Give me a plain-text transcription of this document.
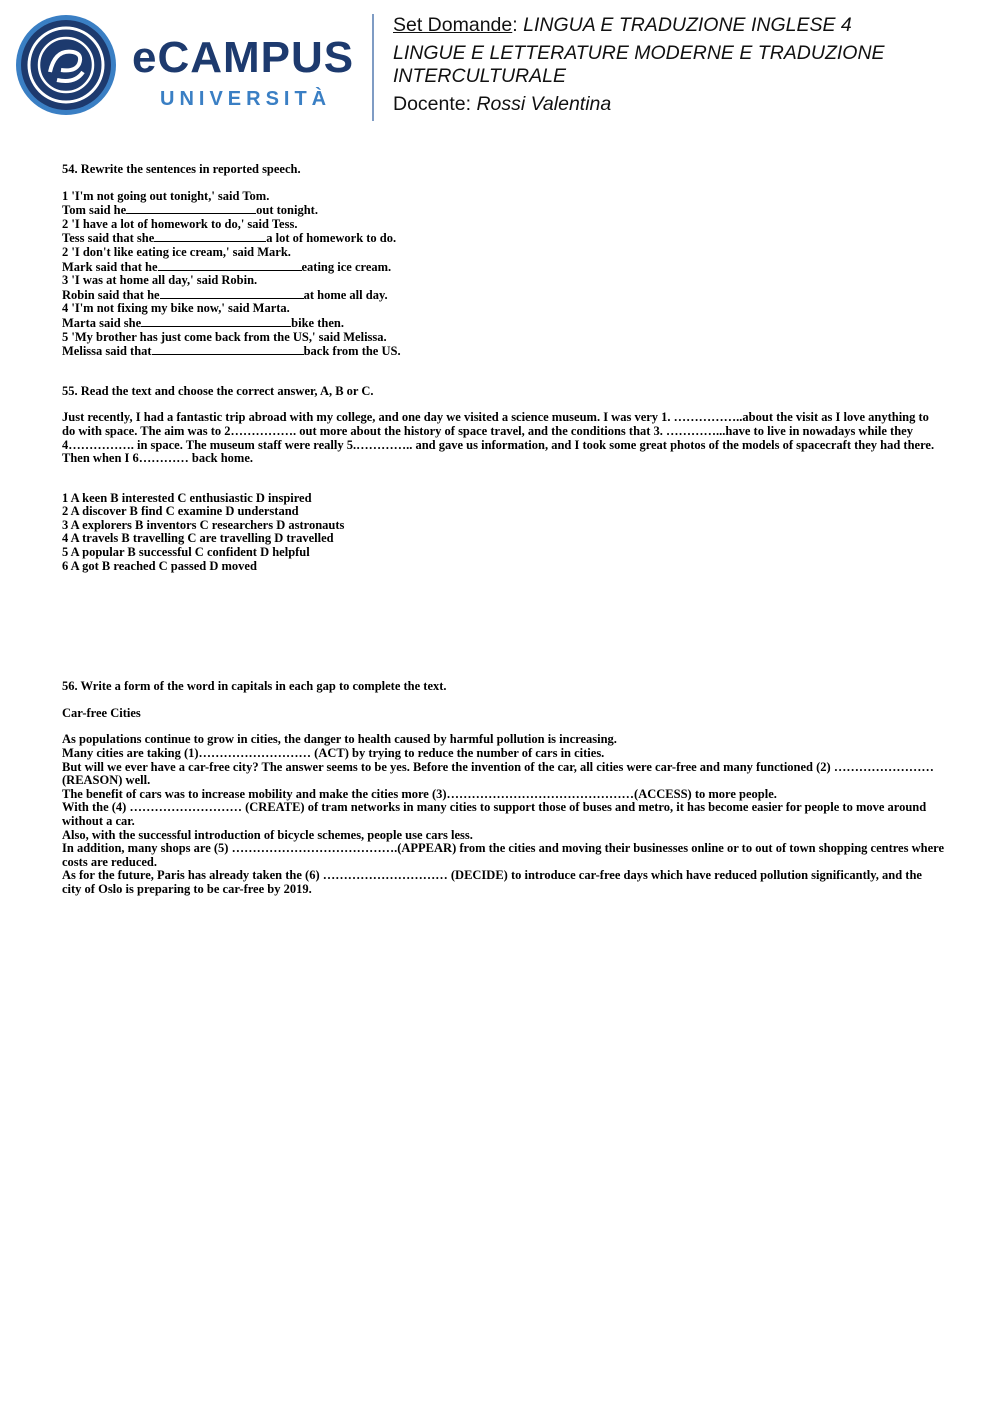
eCAMPUS
UNIVERSITÀ
Set Domande: LINGUA E TRADUZIONE INGLESE 4
LINGUE E LETTERATURE MODERNE E TRADUZIONE
INTERCULTURALE
Docente: Rossi Valentina

54. Rewrite the sentences in reported speech.

1 'I'm not going out tonight,' said Tom.

Tom said he	out tonight.

2 'I have a lot of homework to do,' said Tess.

Tess said that she	a lot of homework to do.

2 'I don't like eating ice cream,' said Mark.

Mark said that he	eating ice cream.

3 'I was at home all day,' said Robin.

Robin said that he	at home all day.

4 'I'm not fixing my bike now,' said Marta.

Marta said she	bike then.

5 'My brother has just come back from the US,' said Melissa.

Melissa said that	back from the US.

55. Read the text and choose the correct answer, A, B or C.

Just recently, I had a fantastic trip abroad with my college, and one day we visited a science museum. I was very 1. ……………..about the visit as I love anything to do with space. The aim was to 2……………. out more about the history of space travel, and the conditions that 3. …………...have to live in nowadays while they 4……………. in space. The museum staff were really 5.………….. and gave us information, and I took some great photos of the models of spacecraft they had there. Then when I 6………… back home.

1 A keen B interested C enthusiastic D inspired

2 A discover B find C examine D understand

3 A explorers B inventors C researchers D astronauts

4 A travels B travelling C are travelling D travelled

5 A popular B successful C confident D helpful

6 A got B reached C passed D moved

56. Write a form of the word in capitals in each gap to complete the text.

Car-free Cities

As populations continue to grow in cities, the danger to health caused by harmful pollution is increasing.

Many cities are taking (1)……………………… (ACT) by trying to reduce the number of cars in cities.

But will we ever have a car-free city? The answer seems to be yes. Before the invention of the car, all cities were car-free and many functioned (2) …………………… (REASON) well.

The benefit of cars was to increase mobility and make the cities more (3)………………………………………(ACCESS) to more people.

With the (4) ……………………… (CREATE) of tram networks in many cities to support those of buses and metro, it has become easier for people to move around without a car.

Also, with the successful introduction of bicycle schemes, people use cars less.

In addition, many shops are (5) ………………………………….(APPEAR) from the cities and moving their businesses online or to out of town shopping centres where costs are reduced.

As for the future, Paris has already taken the (6) ………………………… (DECIDE) to introduce car-free days which have reduced pollution significantly, and the city of Oslo is preparing to be car-free by 2019.
